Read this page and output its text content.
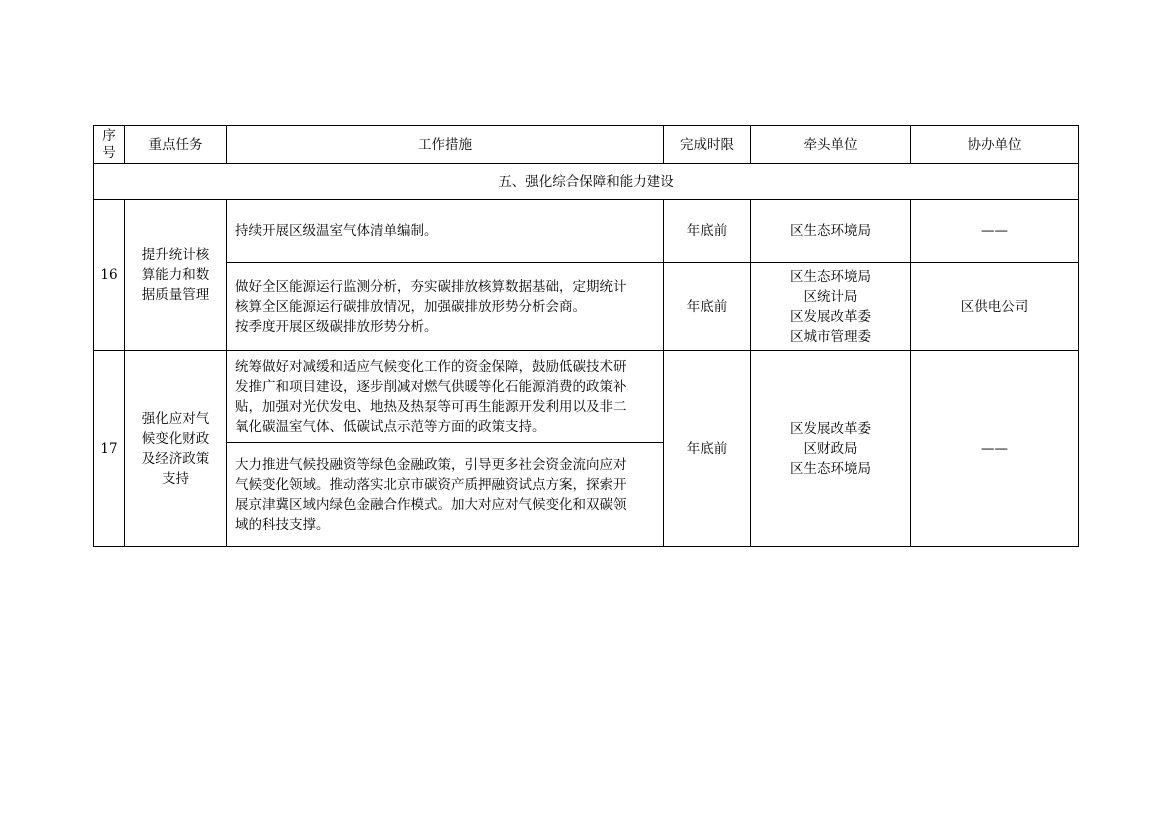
序
号	重点任务	工作措施	完成时限	牵头单位	协办单位
五、强化综合保障和能力建设					
16	提升统计核
算能力和数
据质量管理	持续开展区级温室气体清单编制。	年底前	区生态环境局	——

		做好全区能源运行监测分析，夯实碳排放核算数据基础，定期统计
核算全区能源运行碳排放情况，加强碳排放形势分析会商。
按季度开展区级碳排放形势分析。	年底前	区生态环境局
区统计局
区发展改革委
区城市管理委	区供电公司
17	强化应对气
候变化财政
及经济政策
支持	统筹做好对减缓和适应气候变化工作的资金保障，鼓励低碳技术研
发推广和项目建设，逐步削减对燃气供暖等化石能源消费的政策补
贴，加强对光伏发电、地热及热泵等可再生能源开发利用以及非二
氧化碳温室气体、低碳试点示范等方面的政策支持。	年底前	区发展改革委
区财政局
区生态环境局	——

		大力推进气候投融资等绿色金融政策，引导更多社会资金流向应对
气候变化领域。推动落实北京市碳资产质押融资试点方案，探索开
展京津冀区域内绿色金融合作模式。加大对应对气候变化和双碳领
域的科技支撑。			
